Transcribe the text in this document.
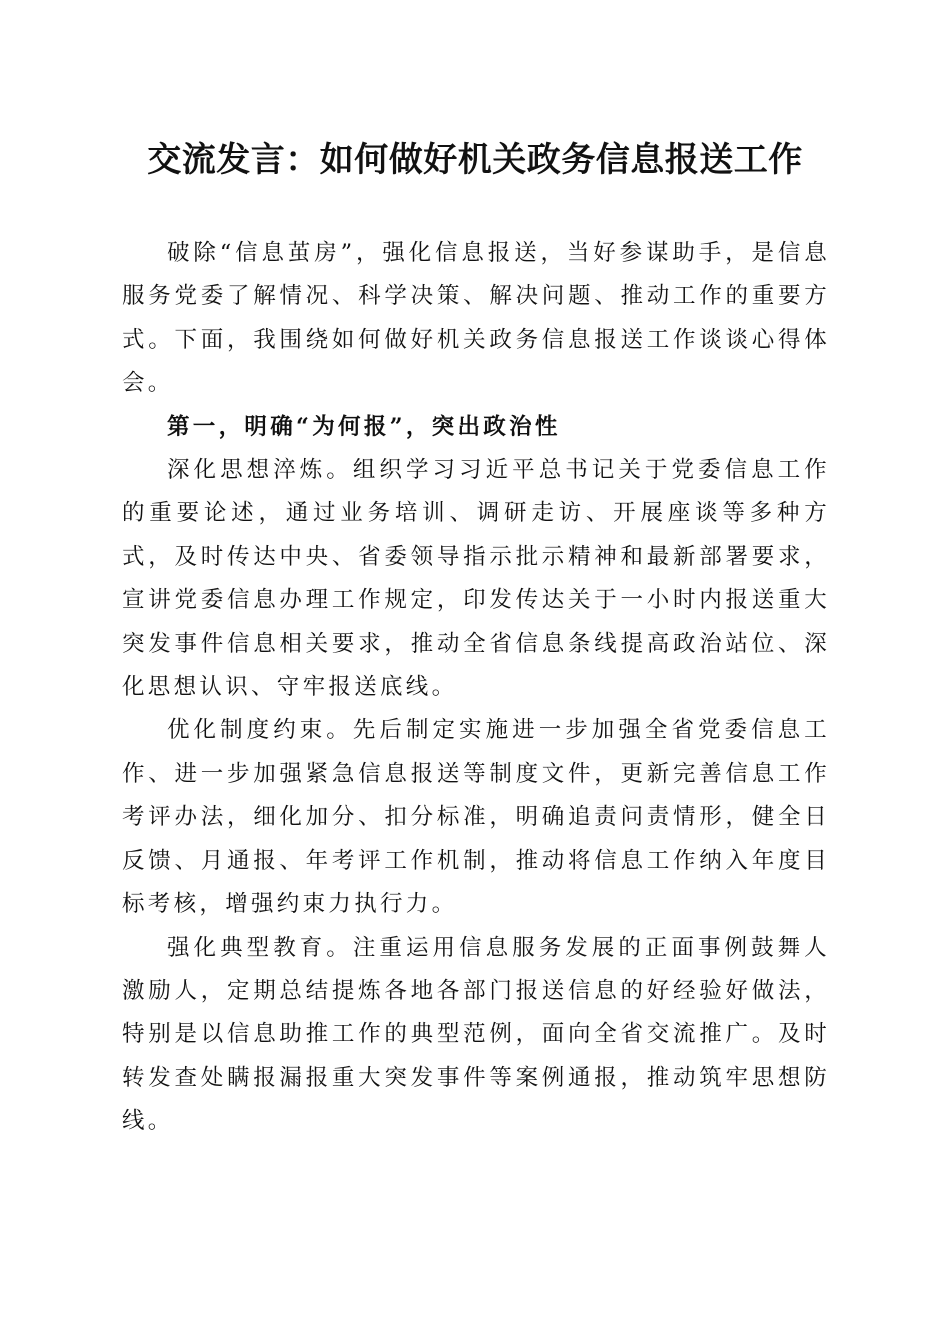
交流发言：如何做好机关政务信息报送工作

破除“信息茧房”，强化信息报送，当好参谋助手，是信息服务党委了解情况、科学决策、解决问题、推动工作的重要方式。下面，我围绕如何做好机关政务信息报送工作谈谈心得体会。

第一，明确“为何报”，突出政治性

深化思想淬炼。组织学习习近平总书记关于党委信息工作的重要论述，通过业务培训、调研走访、开展座谈等多种方式，及时传达中央、省委领导指示批示精神和最新部署要求，宣讲党委信息办理工作规定，印发传达关于一小时内报送重大突发事件信息相关要求，推动全省信息条线提高政治站位、深化思想认识、守牢报送底线。

优化制度约束。先后制定实施进一步加强全省党委信息工作、进一步加强紧急信息报送等制度文件，更新完善信息工作考评办法，细化加分、扣分标准，明确追责问责情形，健全日反馈、月通报、年考评工作机制，推动将信息工作纳入年度目标考核，增强约束力执行力。

强化典型教育。注重运用信息服务发展的正面事例鼓舞人激励人，定期总结提炼各地各部门报送信息的好经验好做法，特别是以信息助推工作的典型范例，面向全省交流推广。及时转发查处瞒报漏报重大突发事件等案例通报，推动筑牢思想防线。
